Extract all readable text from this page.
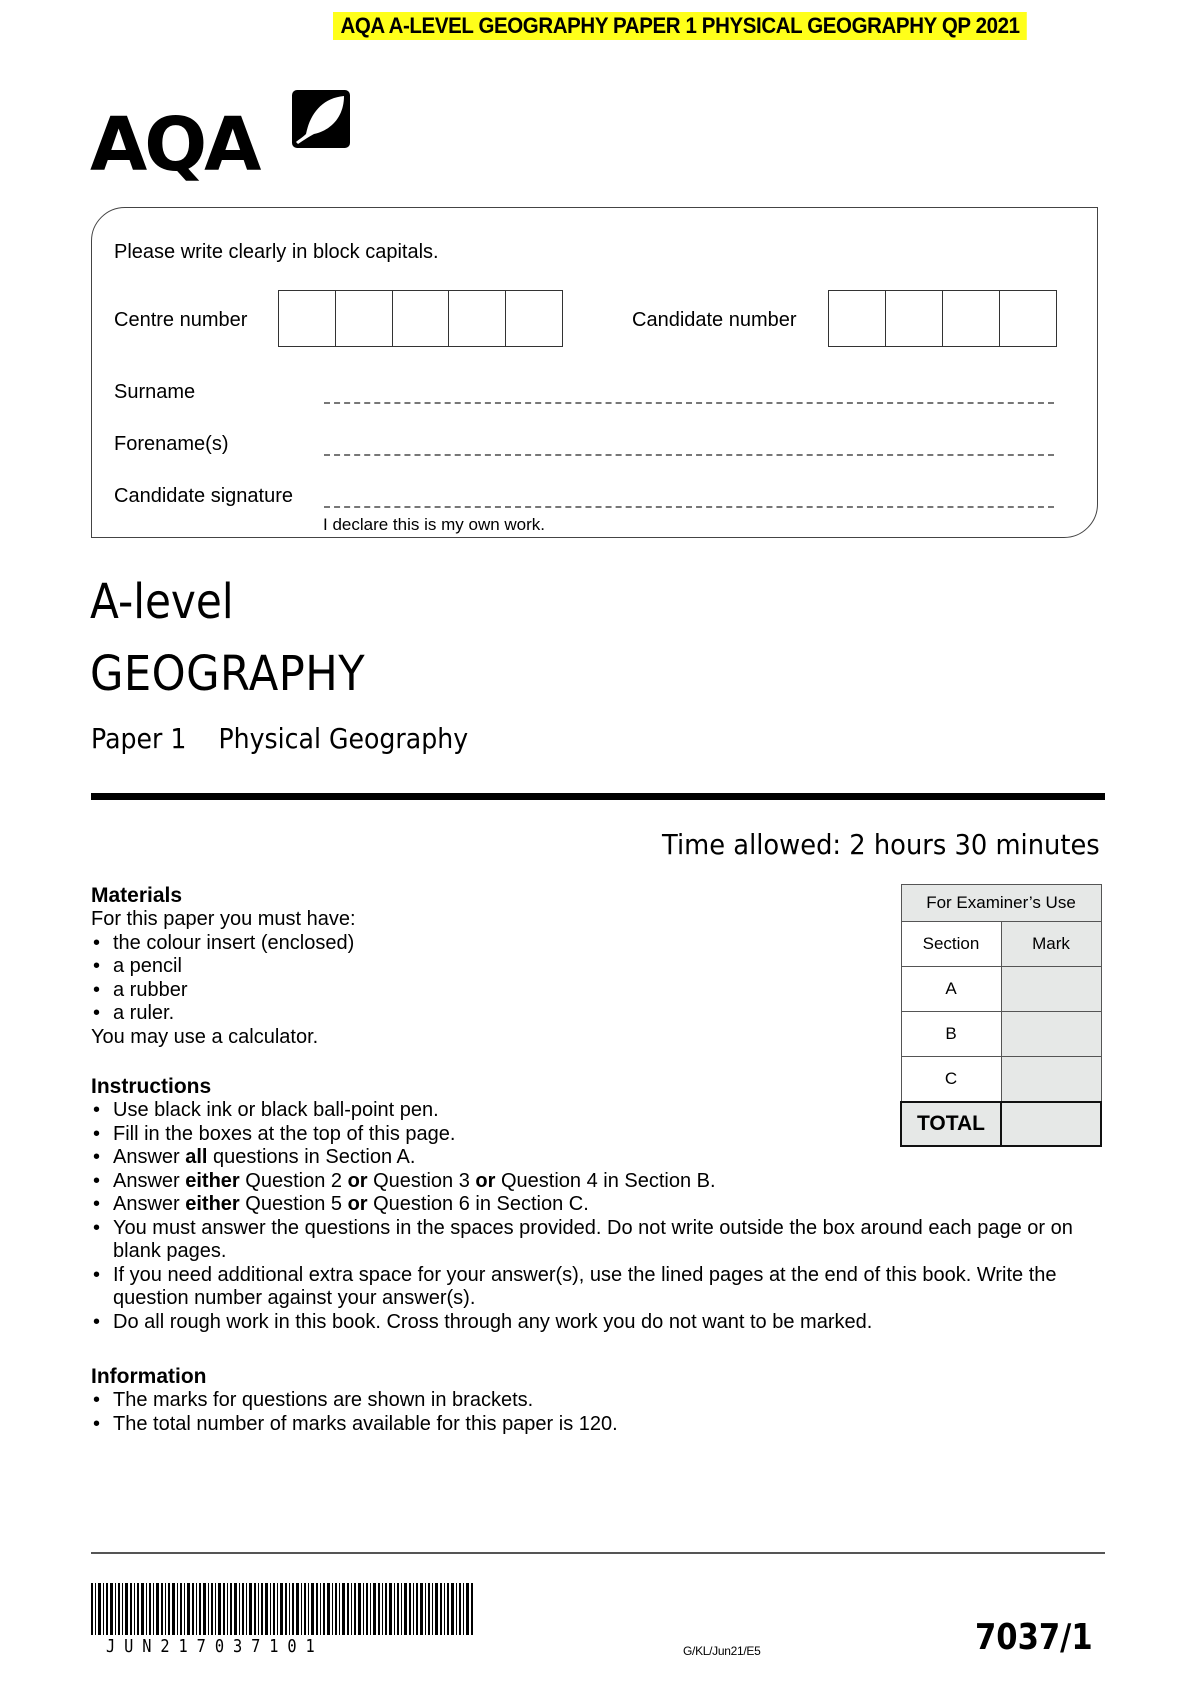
AQA A-LEVEL GEOGRAPHY PAPER 1 PHYSICAL GEOGRAPHY QP 2021
AQA
Please write clearly in block capitals.
Centre number	Candidate number
Surname
Forename(s)
Candidate signature
I declare this is my own work.
A-level
GEOGRAPHY
Paper 1    Physical Geography
Time allowed: 2 hours 30 minutes
Materials

For this paper you must have:

• the colour insert (enclosed)
• a pencil
• a rubber
• a ruler.

You may use a calculator.

Instructions
• Use black ink or black ball-point pen.
• Fill in the boxes at the top of this page.
• Answer all questions in Section A.
• Answer either Question 2 or Question 3 or Question 4 in Section B.
• Answer either Question 5 or Question 6 in Section C.
• You must answer the questions in the spaces provided. Do not write outside the box around each page or on blank pages.
• If you need additional extra space for your answer(s), use the lined pages at the end of this book. Write the question number against your answer(s).
• Do all rough work in this book. Cross through any work you do not want to be marked.
Information
• The marks for questions are shown in brackets.
• The total number of marks available for this paper is 120.
For Examiner’s Use	
Section	Mark
A	
B	
C	
TOTAL	
JUN217037101	G/KL/Jun21/E5	7037/1
